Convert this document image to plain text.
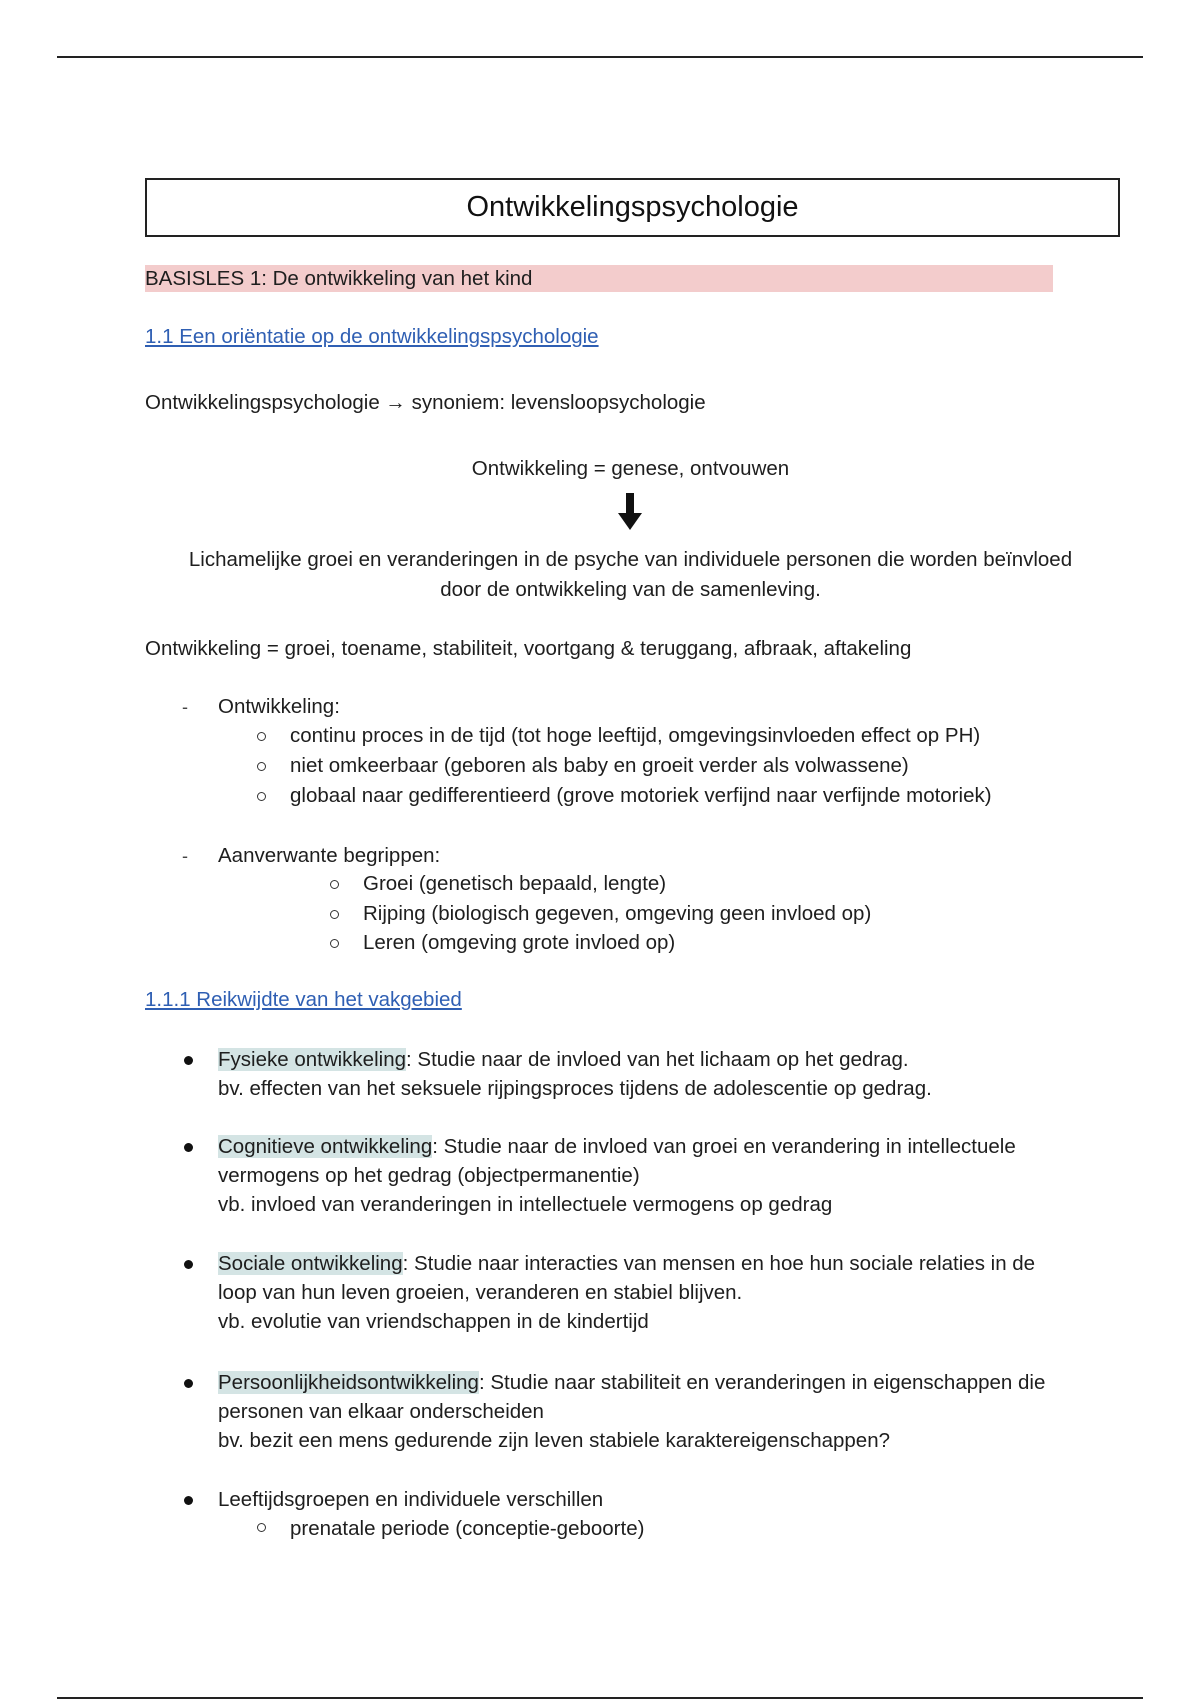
Ontwikkelingspsychologie
BASISLES 1: De ontwikkeling van het kind
1.1 Een oriëntatie op de ontwikkelingspsychologie
Ontwikkelingspsychologie → synoniem: levensloopsychologie
Ontwikkeling = genese, ontvouwen
Lichamelijke groei en veranderingen in de psyche van individuele personen die worden beïnvloed
door de ontwikkeling van de samenleving.
Ontwikkeling = groei, toename, stabiliteit, voortgang & teruggang, afbraak, aftakeling
- Ontwikkeling:
continu proces in de tijd (tot hoge leeftijd, omgevingsinvloeden effect op PH)
niet omkeerbaar (geboren als baby en groeit verder als volwassene)
globaal naar gedifferentieerd (grove motoriek verfijnd naar verfijnde motoriek)
- Aanverwante begrippen:
Groei (genetisch bepaald, lengte)
Rijping (biologisch gegeven, omgeving geen invloed op)
Leren (omgeving grote invloed op)
1.1.1 Reikwijdte van het vakgebied
Fysieke ontwikkeling: Studie naar de invloed van het lichaam op het gedrag.
bv. effecten van het seksuele rijpingsproces tijdens de adolescentie op gedrag.
Cognitieve ontwikkeling: Studie naar de invloed van groei en verandering in intellectuele
vermogens op het gedrag (objectpermanentie)
vb. invloed van veranderingen in intellectuele vermogens op gedrag
Sociale ontwikkeling: Studie naar interacties van mensen en hoe hun sociale relaties in de
loop van hun leven groeien, veranderen en stabiel blijven.
vb. evolutie van vriendschappen in de kindertijd
Persoonlijkheidsontwikkeling: Studie naar stabiliteit en veranderingen in eigenschappen die
personen van elkaar onderscheiden
bv. bezit een mens gedurende zijn leven stabiele karaktereigenschappen?
Leeftijdsgroepen en individuele verschillen
prenatale periode (conceptie-geboorte)
